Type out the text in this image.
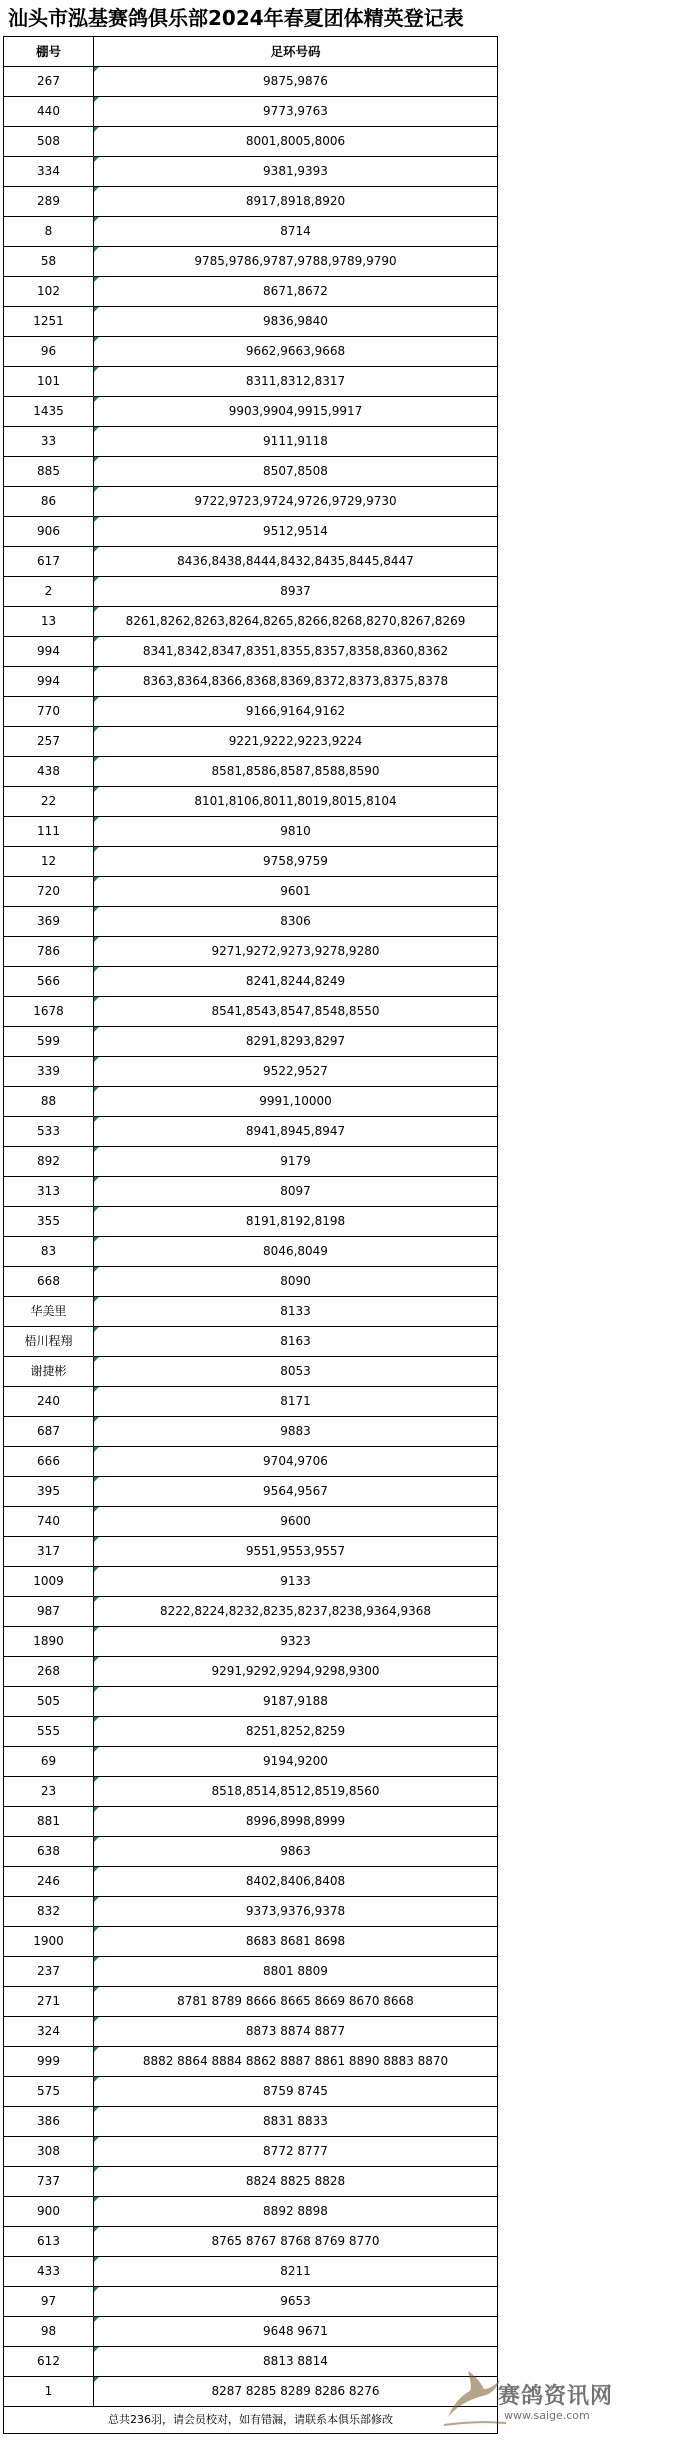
汕头市泓基赛鸽俱乐部2024年春夏团体精英登记表
棚号	足环号码
267	9875,9876
440	9773,9763
508	8001,8005,8006
334	9381,9393
289	8917,8918,8920
8	8714
58	9785,9786,9787,9788,9789,9790
102	8671,8672
1251	9836,9840
96	9662,9663,9668
101	8311,8312,8317
1435	9903,9904,9915,9917
33	9111,9118
885	8507,8508
86	9722,9723,9724,9726,9729,9730
906	9512,9514
617	8436,8438,8444,8432,8435,8445,8447
2	8937
13	8261,8262,8263,8264,8265,8266,8268,8270,8267,8269
994	8341,8342,8347,8351,8355,8357,8358,8360,8362
994	8363,8364,8366,8368,8369,8372,8373,8375,8378
770	9166,9164,9162
257	9221,9222,9223,9224
438	8581,8586,8587,8588,8590
22	8101,8106,8011,8019,8015,8104
111	9810
12	9758,9759
720	9601
369	8306
786	9271,9272,9273,9278,9280
566	8241,8244,8249
1678	8541,8543,8547,8548,8550
599	8291,8293,8297
339	9522,9527
88	9991,10000
533	8941,8945,8947
892	9179
313	8097
355	8191,8192,8198
83	8046,8049
668	8090
华美里	8133
梧川程翔	8163
谢捷彬	8053
240	8171
687	9883
666	9704,9706
395	9564,9567
740	9600
317	9551,9553,9557
1009	9133
987	8222,8224,8232,8235,8237,8238,9364,9368
1890	9323
268	9291,9292,9294,9298,9300
505	9187,9188
555	8251,8252,8259
69	9194,9200
23	8518,8514,8512,8519,8560
881	8996,8998,8999
638	9863
246	8402,8406,8408
832	9373,9376,9378
1900	8683 8681 8698
237	8801 8809
271	8781 8789 8666 8665 8669 8670 8668
324	8873 8874 8877
999	8882 8864 8884 8862 8887 8861 8890 8883 8870
575	8759 8745
386	8831 8833
308	8772 8777
737	8824 8825 8828
900	8892 8898
613	8765 8767 8768 8769 8770
433	8211
97	9653
98	9648 9671
612	8813 8814
1	8287 8285 8289 8286 8276
总共236羽，请会员校对，如有错漏，请联系本俱乐部修改	
赛鸽资讯网
www.saige.com
